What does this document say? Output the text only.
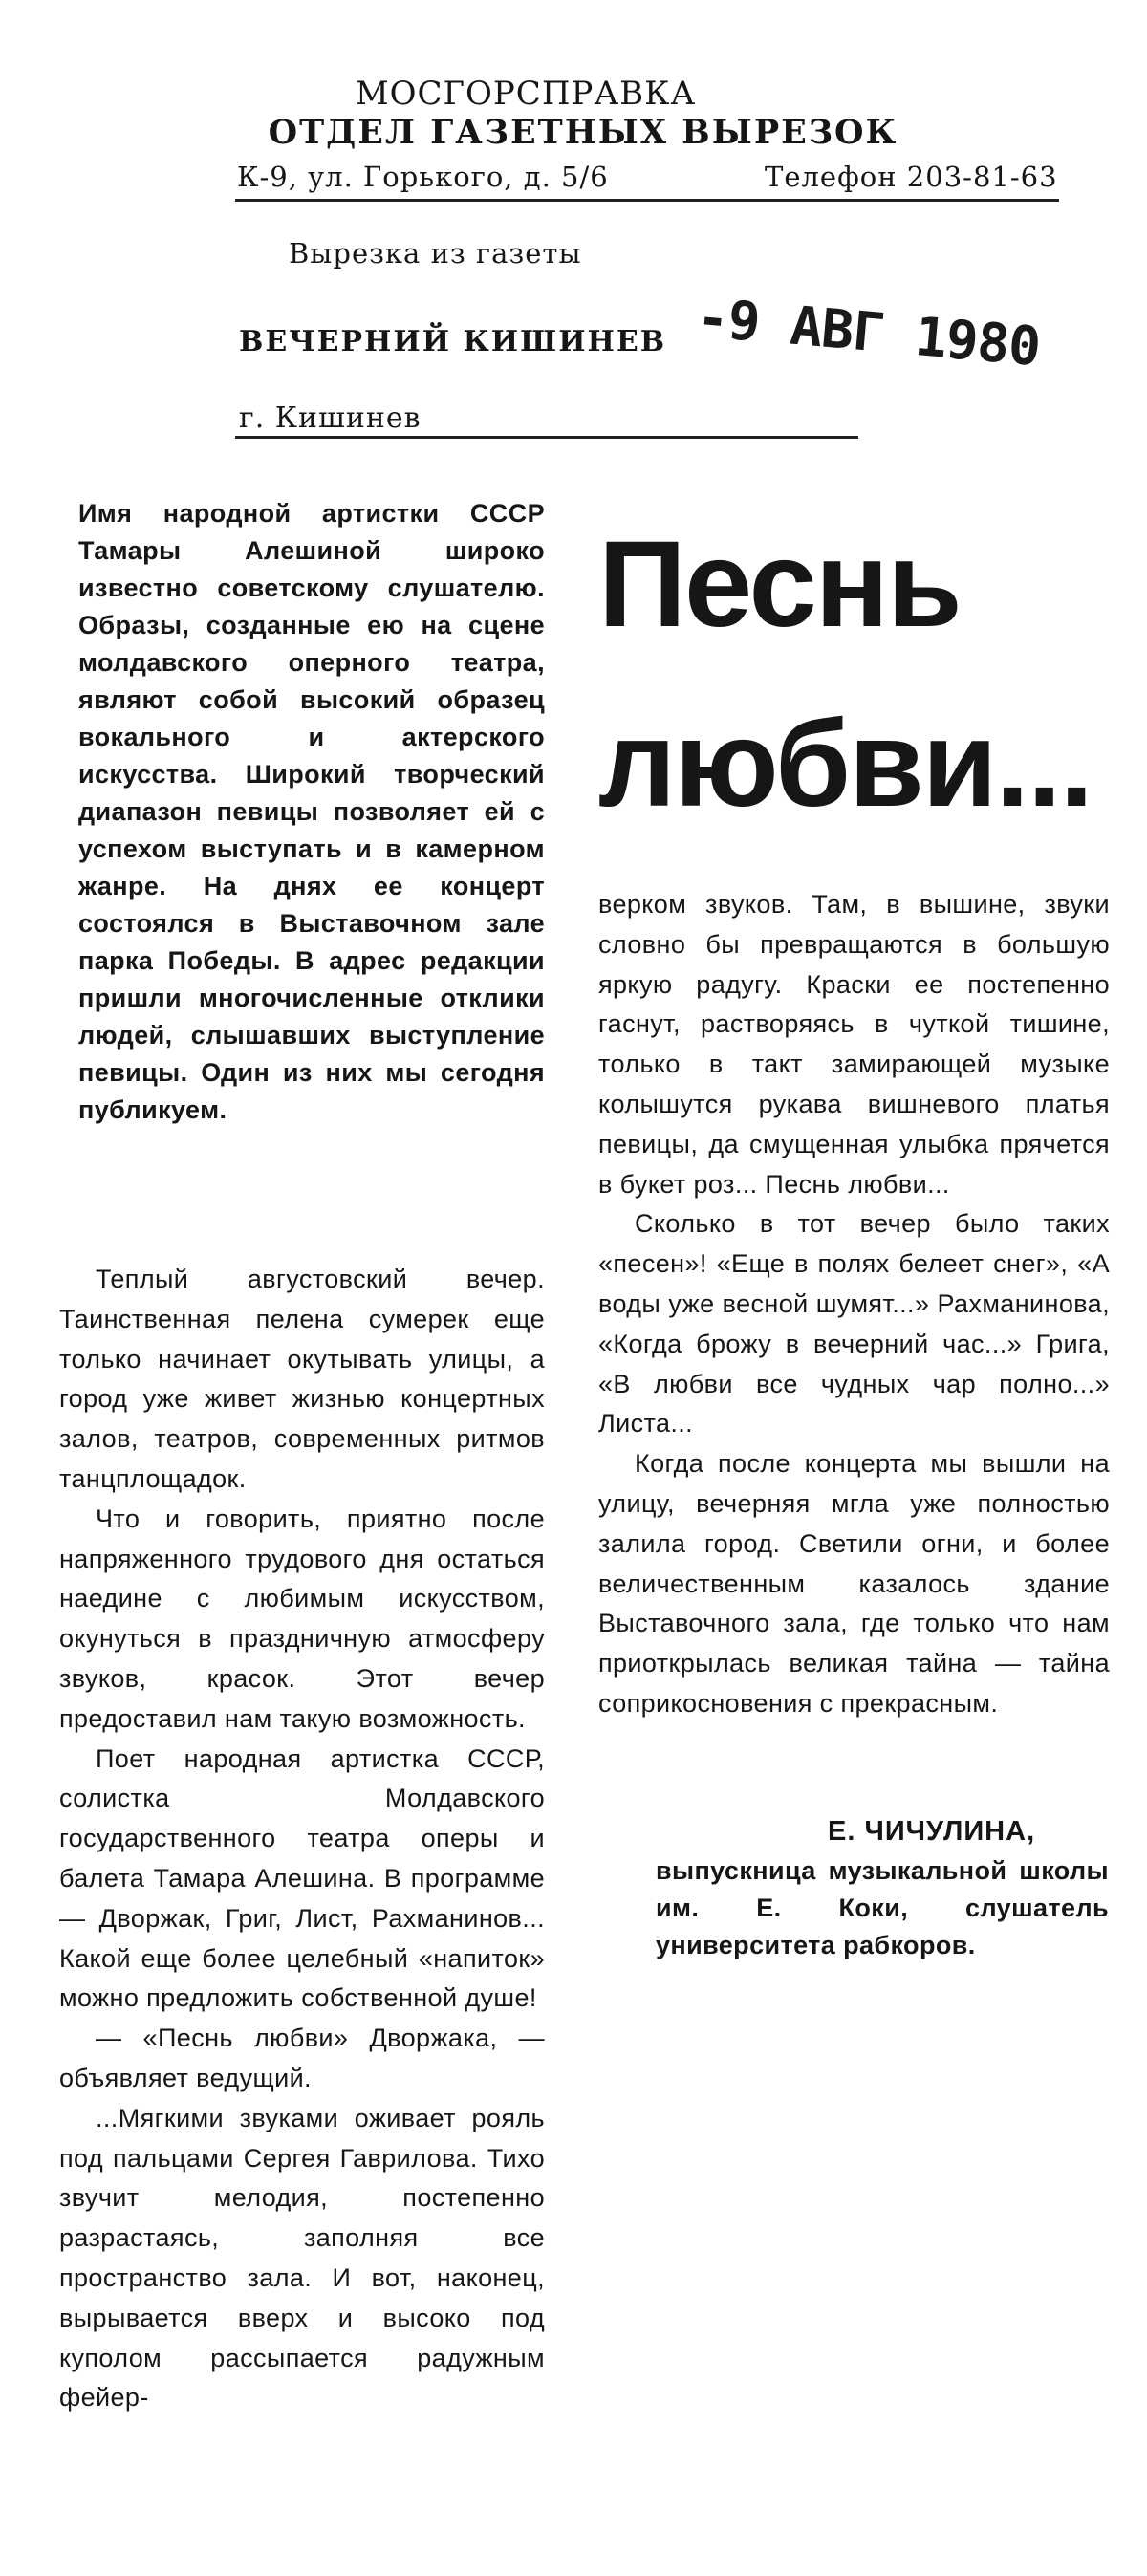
МОСГОРСПРАВКА
ОТДЕЛ ГАЗЕТНЫХ ВЫРЕЗОК
К-9, ул. Горького, д. 5/6	Телефон 203-81-63
Вырезка из газеты
ВЕЧЕРНИЙ КИШИНЕВ
г. Кишинев
-9 АВГ 1980
Песнь любви...

Имя народной артистки СССР Тамары Алешиной широко известно советскому слушателю. Образы, созданные ею на сцене молдавского оперного театра, являют собой высокий образец вокального и актерского искусства. Широкий творческий диапазон певицы позволяет ей с успехом выступать и в камерном жанре. На днях ее концерт состоялся в Выставочном зале парка Победы. В адрес редакции пришли многочисленные отклики людей, слышавших выступление певицы. Один из них мы сегодня публикуем.

Теплый августовский вечер. Таинственная пелена сумерек еще только начинает окутывать улицы, а город уже живет жизнью концертных залов, театров, современных ритмов танцплощадок.

Что и говорить, приятно после напряженного трудового дня остаться наедине с любимым искусством, окунуться в праздничную атмосферу звуков, красок. Этот вечер предоставил нам такую возможность.

Поет народная артистка СССР, солистка Молдавского государственного театра оперы и балета Тамара Алешина. В программе — Дворжак, Григ, Лист, Рахманинов... Какой еще более целебный «напиток» можно предложить собственной душе!

— «Песнь любви» Дворжака, — объявляет ведущий.

...Мягкими звуками оживает рояль под пальцами Сергея Гаврилова. Тихо звучит мелодия, постепенно разрастаясь, заполняя все пространство зала. И вот, наконец, вырывается вверх и высоко под куполом рассыпается радужным фейер-

верком звуков. Там, в вышине, звуки словно бы превращаются в большую яркую радугу. Краски ее постепенно гаснут, растворяясь в чуткой тишине, только в такт замирающей музыке колышутся рукава вишневого платья певицы, да смущенная улыбка прячется в букет роз... Песнь любви...

Сколько в тот вечер было таких «песен»! «Еще в полях белеет снег», «А воды уже весной шумят...» Рахманинова, «Когда брожу в вечерний час...» Грига, «В любви все чудных чар полно...» Листа...

Когда после концерта мы вышли на улицу, вечерняя мгла уже полностью залила город. Светили огни, и более величественным казалось здание Выставочного зала, где только что нам приоткрылась великая тайна — тайна соприкосновения с прекрасным.

Е. ЧИЧУЛИНА,
выпускница музыкальной школы им. Е. Коки, слушатель университета рабкоров.
